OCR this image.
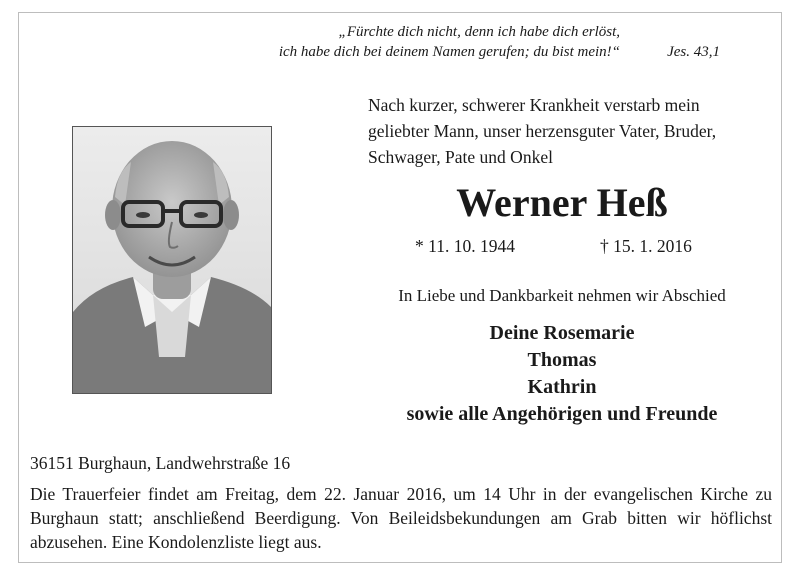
„Fürchte dich nicht, denn ich habe dich erlöst,
ich habe dich bei deinem Namen gerufen; du bist mein!“	Jes. 43,1
Nach kurzer, schwerer Krankheit verstarb mein
geliebter Mann, unser herzensguter Vater, Bruder,
Schwager, Pate und Onkel
Werner Heß
* 11. 10. 1944	† 15. 1. 2016
In Liebe und Dankbarkeit nehmen wir Abschied
Deine Rosemarie
Thomas
Kathrin
sowie alle Angehörigen und Freunde
36151 Burghaun, Landwehrstraße 16
Die Trauerfeier findet am Freitag, dem 22. Januar 2016, um 14 Uhr in der evangelischen Kirche zu Burghaun statt; anschließend Beerdigung. Von Beileidsbekundungen am Grab bitten wir höflichst abzusehen. Eine Kondolenzliste liegt aus.
